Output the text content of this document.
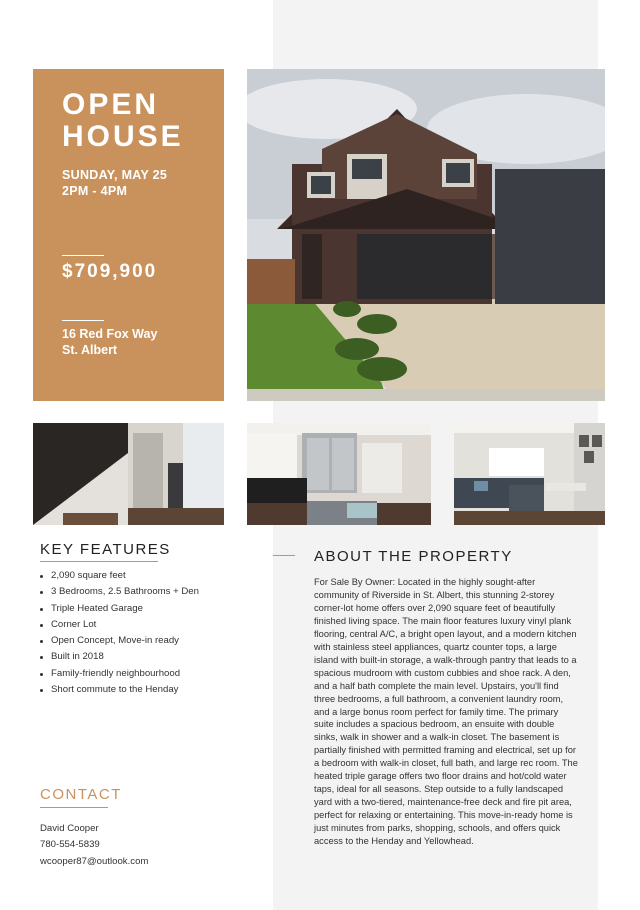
OPEN
HOUSE
SUNDAY, MAY 25
2PM - 4PM
$709,900
16 Red Fox Way
St. Albert
KEY FEATURES
2,090 square feet
3 Bedrooms, 2.5 Bathrooms + Den
Triple Heated Garage
Corner Lot
Open Concept, Move-in ready
Built in 2018
Family-friendly neighbourhood
Short commute to the Henday
CONTACT
David Cooper
780-554-5839
wcooper87@outlook.com
ABOUT THE PROPERTY
For Sale By Owner: Located in the highly sought-after community of Riverside in St. Albert, this stunning 2-storey corner-lot home offers over 2,090 square feet of beautifully finished living space. The main floor features luxury vinyl plank flooring, central A/C, a bright open layout, and a modern kitchen with stainless steel appliances, quartz counter tops, a large island with built-in storage, a walk-through pantry that leads to a spacious mudroom with custom cubbies and shoe rack. A den, and a half bath complete the main level. Upstairs, you'll find three bedrooms, a full bathroom, a convenient laundry room, and a large bonus room perfect for family time. The primary suite includes a spacious bedroom, an ensuite with double sinks, walk in shower and a walk-in closet. The basement is partially finished with permitted framing and electrical, set up for a bedroom with walk-in closet, full bath, and large rec room. The heated triple garage offers two floor drains and hot/cold water taps, ideal for all seasons. Step outside to a fully landscaped yard with a two-tiered, maintenance-free deck and fire pit area, perfect for relaxing or entertaining. This move-in-ready home is just minutes from parks, shopping, schools, and offers quick access to the Henday and Yellowhead.
